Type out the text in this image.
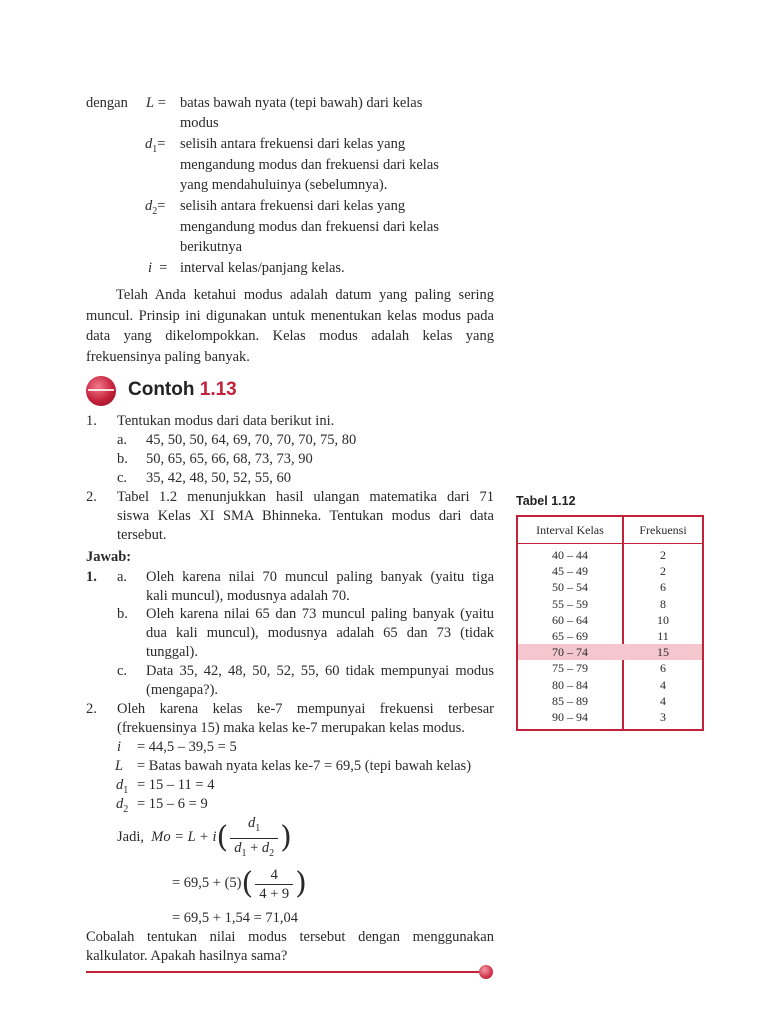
dengan L = batas bawah nyata (tepi bawah) dari kelas
modus
$d_1=$	selisih antara frekuensi dari kelas yang
mengandung modus dan frekuensi dari kelas
yang mendahuluinya (sebelumnya).
$d_2=$	selisih antara frekuensi dari kelas yang
mengandung modus dan frekuensi dari kelas
berikutnya
i = interval kelas/panjang kelas.

Telah Anda ketahui modus adalah datum yang paling sering muncul. Prinsip ini digunakan untuk menentukan kelas modus pada data yang dikelompokkan. Kelas modus adalah kelas yang frekuensinya paling banyak.

Contoh 1.13
1. Tentukan modus dari data berikut ini.
a. 45, 50, 50, 64, 69, 70, 70, 70, 75, 80
b. 50, 65, 65, 66, 68, 73, 73, 90
c. 35, 42, 48, 50, 52, 55, 60
2. Tabel 1.2 menunjukkan hasil ulangan matematika dari 71
siswa Kelas XI SMA Bhinneka. Tentukan modus dari data
tersebut.
Jawab:
1. a. Oleh karena nilai 70 muncul paling banyak (yaitu tiga
kali muncul), modusnya adalah 70.
b. Oleh karena nilai 65 dan 73 muncul paling banyak (yaitu
dua kali muncul), modusnya adalah 65 dan 73 (tidak
tunggal).
c. Data 35, 42, 48, 50, 52, 55, 60 tidak mempunyai modus
(mengapa?).
2. Oleh karena kelas ke-7 mempunyai frekuensi terbesar
(frekuensinya 15) maka kelas ke-7 merupakan kelas modus.
i = 44,5 – 39,5 = 5
L = Batas bawah nyata kelas ke-7 = 69,5 (tepi bawah kelas)
$d_1 = 15 - 11 = 4$
$d_2 = 15 - 6 = 9$
Jadi,
Mo
= L + i ( $\frac{d_1}{d_1 + d_2}$ )
= 69,5 + (5) ( $\frac{4}{4 + 9}$ )
= 69,5 + 1,54 = 71,04
Cobalah tentukan nilai modus tersebut dengan menggunakan
kalkulator. Apakah hasilnya sama?
Tabel 1.12
Interval Kelas	Frekuensi
40 – 44	2
45 – 49	2
50 – 54	6
55 – 59	8
60 – 64	10
65 – 69	11
70 – 74	15
75 – 79	6
80 – 84	4
85 – 89	4
90 – 94	3
